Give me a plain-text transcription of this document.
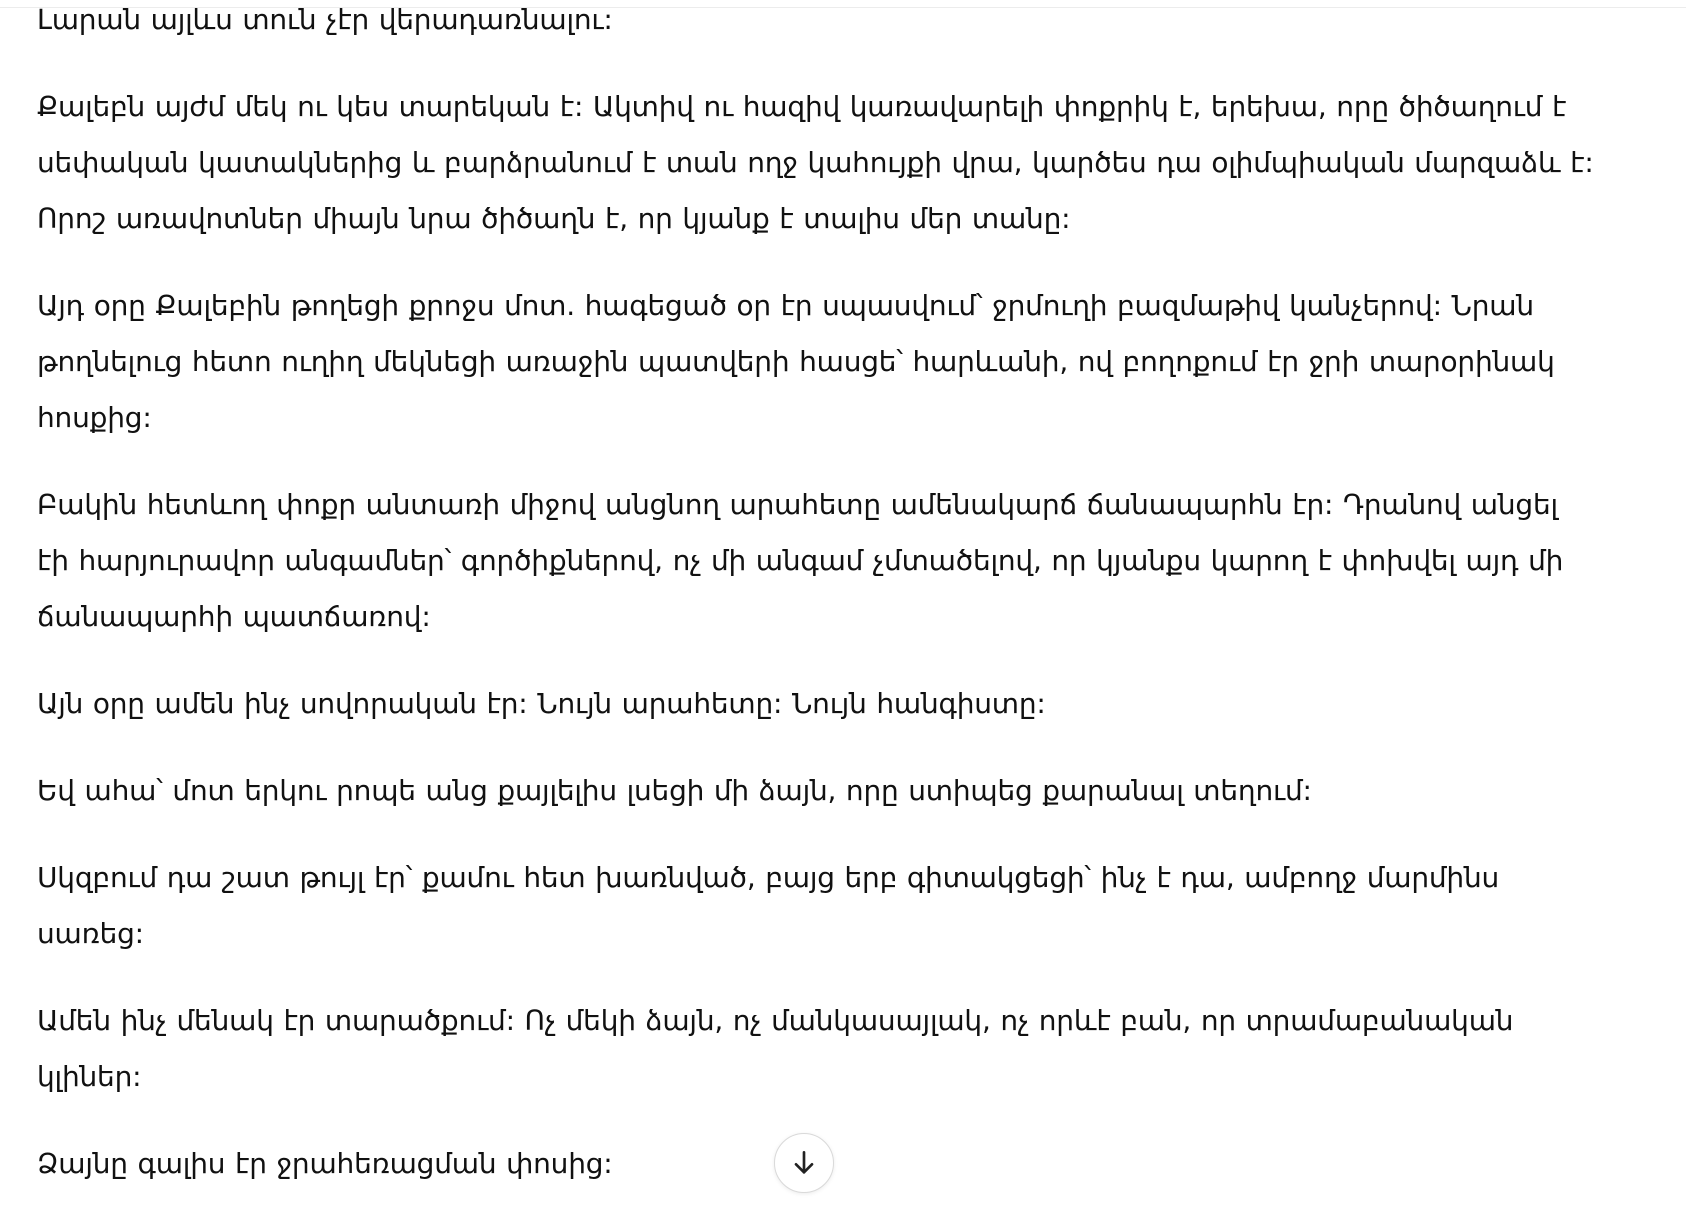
Լարան այլևս տուն չէր վերադառնալու:

Քալեբն այժմ մեկ ու կես տարեկան է: Ակտիվ ու հազիվ կառավարելի փոքրիկ է, երեխա, որը ծիծաղում է սեփական կատակներից և բարձրանում է տան ողջ կահույքի վրա, կարծես դա օլիմպիական մարզաձև է: Որոշ առավոտներ միայն նրա ծիծաղն է, որ կյանք է տալիս մեր տանը:

Այդ օրը Քալեբին թողեցի քրոջս մոտ. հագեցած օր էր սպասվում՝ ջրմուղի բազմաթիվ կանչերով: Նրան թողնելուց հետո ուղիղ մեկնեցի առաջին պատվերի հասցե՝ հարևանի, ով բողոքում էր ջրի տարօրինակ հոսքից:

Բակին հետևող փոքր անտառի միջով անցնող արահետը ամենակարճ ճանապարհն էր: Դրանով անցել էի հարյուրավոր անգամներ՝ գործիքներով, ոչ մի անգամ չմտածելով, որ կյանքս կարող է փոխվել այդ մի ճանապարհի պատճառով:

Այն օրը ամեն ինչ սովորական էր: Նույն արահետը: Նույն հանգիստը:

Եվ ահա՝ մոտ երկու րոպե անց քայլելիս լսեցի մի ձայն, որը ստիպեց քարանալ տեղում:

Սկզբում դա շատ թույլ էր՝ քամու հետ խառնված, բայց երբ գիտակցեցի՝ ինչ է դա, ամբողջ մարմինս սառեց:

Ամեն ինչ մենակ էր տարածքում: Ոչ մեկի ձայն, ոչ մանկասայլակ, ոչ որևէ բան, որ տրամաբանական կլիներ:

Ձայնը գալիս էր ջրահեռացման փոսից:
